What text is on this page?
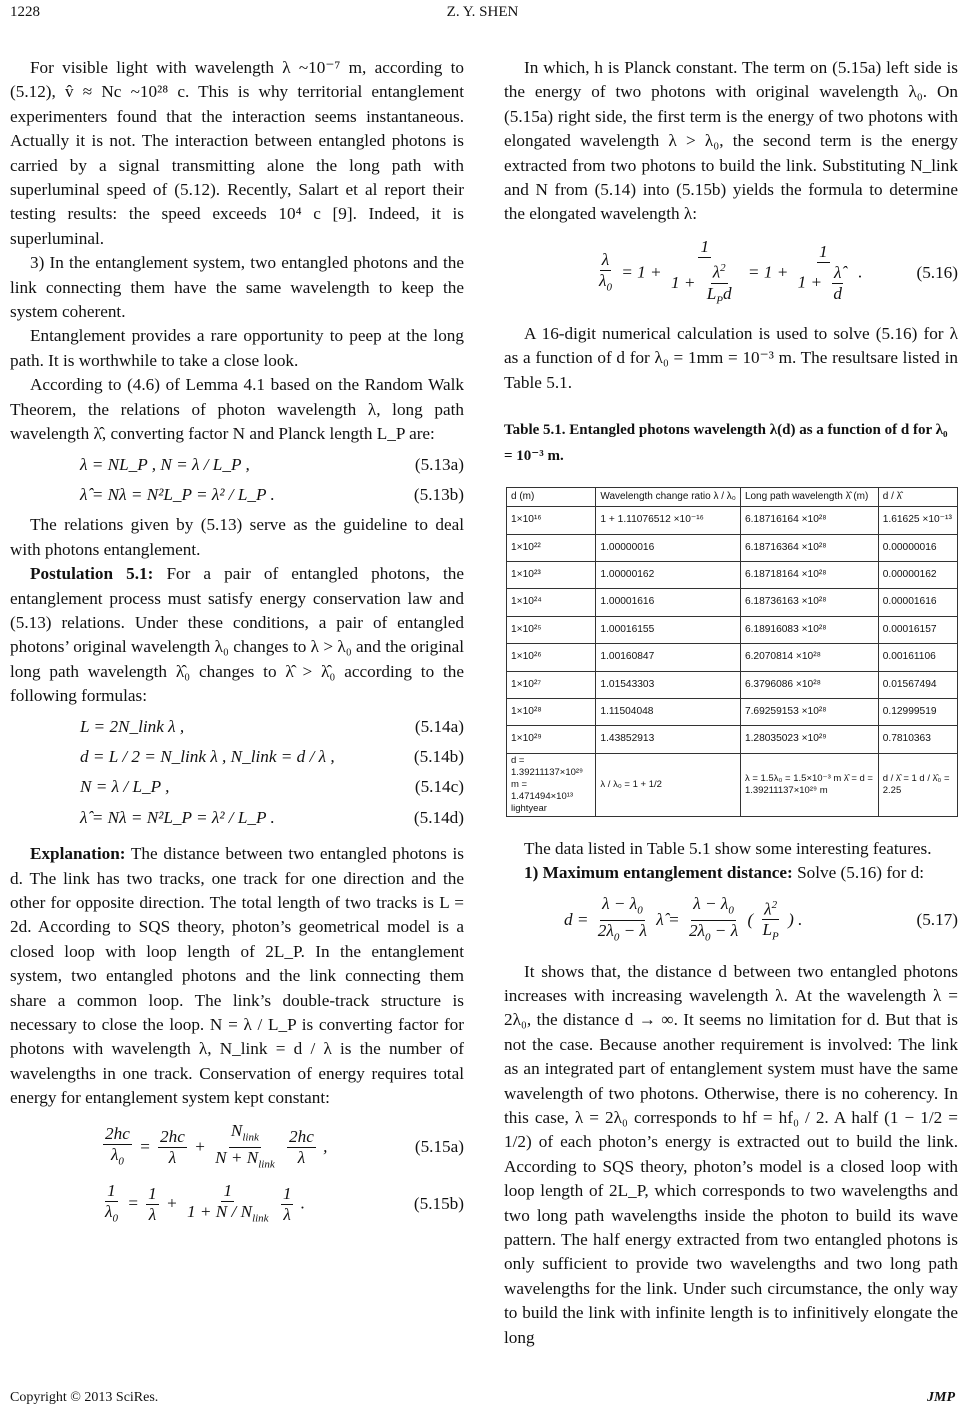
1228	Z. Y. SHEN

For visible light with wavelength λ ~10⁻⁷ m, according to (5.12), v̂ ≈ Nc ~10²⁸ c. This is why territorial entanglement experimenters found that the interaction seems instantaneous. Actually it is not. The interaction between entangled photons is carried by a signal transmitting alone the long path with superluminal speed of (5.12). Recently, Salart et al report their testing results: the speed exceeds 10⁴ c [9]. Indeed, it is superluminal.

3) In the entanglement system, two entangled photons and the link connecting them have the same wavelength to keep the system coherent.

Entanglement provides a rare opportunity to peep at the long path. It is worthwhile to take a close look.

According to (4.6) of Lemma 4.1 based on the Random Walk Theorem, the relations of photon wavelength λ, long path wavelength λ̂, converting factor N and Planck length L_P are:

λ = NL_P , N = λ / L_P ,	(5.13a)
λ̂ = Nλ = N²L_P = λ² / L_P .	(5.13b)

The relations given by (5.13) serve as the guideline to deal with photons entanglement.

Postulation 5.1: For a pair of entangled photons, the entanglement process must satisfy energy conservation law and (5.13) relations. Under these conditions, a pair of entangled photons’ original wavelength λ₀ changes to λ > λ₀ and the original long path wavelength λ̂₀ changes to λ̂ > λ̂₀ according to the following formulas:

L = 2N_link λ ,	(5.14a)
d = L / 2 = N_link λ , N_link = d / λ ,	(5.14b)
N = λ / L_P ,	(5.14c)
λ̂ = Nλ = N²L_P = λ² / L_P .	(5.14d)

Explanation: The distance between two entangled photons is d. The link has two tracks, one track for one direction and the other for opposite direction. The total length of two tracks is L = 2d. According to SQS theory, photon’s geometrical model is a closed loop with loop length of 2L_P. In the entanglement system, two entangled photons and the link connecting them share a common loop. The link’s double-track structure is necessary to close the loop. N = λ / L_P is converting factor for photons with wavelength λ, N_link = d / λ is the number of wavelengths in one track. Conservation of energy requires total energy for entanglement system kept constant:

$\frac{2hc}{\lambda_0} = \frac{2hc}{\lambda} + \frac{N_{link}}{N + N_{link}}$
$\frac{2hc}{\lambda}$ ,	(5.15a)
$\frac{1}{\lambda_0} = \frac{1}{\lambda} + \frac{1}{1 + N / N_{link}}$
$\frac{1}{\lambda}$ .	(5.15b)

In which, h is Planck constant. The term on (5.15a) left side is the energy of two photons with original wavelength λ₀. On (5.15a) right side, the first term is the energy of two photons with elongated wavelength λ > λ₀, the second term is the energy extracted from two photons to build the link. Substituting N_link and N from (5.14) into (5.15b) yields the formula to determine the elongated wavelength λ:

$\frac{\lambda}{\lambda_0} = 1 + \frac{1}{1 + \frac{\lambda^2}{L_Pd}} = 1 + \frac{1}{1 + \frac{\lambdâ}{d}}$ .	(5.16)

A 16-digit numerical calculation is used to solve (5.16) for λ as a function of d for λ₀ = 1mm = 10⁻³ m. The resultsare listed in Table 5.1.

Table 5.1. Entangled photons wavelength λ(d) as a function of d for λ₀ = 10⁻³ m.
d (m)	Wavelength change ratio λ / λ₀	Long path wavelength λ̂ (m)	d / λ̂
1×10¹⁶	1 + 1.11076512 ×10⁻¹⁶	6.18716164 ×10²⁸	1.61625 ×10⁻¹³
1×10²²	1.00000016	6.18716364 ×10²⁸	0.00000016
1×10²³	1.00000162	6.18718164 ×10²⁸	0.00000162
1×10²⁴	1.00001616	6.18736163 ×10²⁸	0.00001616
1×10²⁵	1.00016155	6.18916083 ×10²⁸	0.00016157
1×10²⁶	1.00160847	6.2070814 ×10²⁸	0.00161106
1×10²⁷	1.01543303	6.3796086 ×10²⁸	0.01567494
1×10²⁸	1.11504048	7.69259153 ×10²⁸	0.12999519
1×10²⁹	1.43852913	1.28035023 ×10²⁹	0.7810363
d = 1.39211137×10²⁹ m = 1.471494×10¹³ lightyear	λ / λ₀ = 1 + 1/2	λ = 1.5λ₀ = 1.5×10⁻³ m λ̂ = d = 1.39211137×10²⁹ m	d / λ̂ = 1 d / λ̂₀ = 2.25

The data listed in Table 5.1 show some interesting features.

1) Maximum entanglement distance: Solve (5.16) for d:

$d = \frac{\lambda - \lambda_0}{2\lambda_0 - \lambda}$ λ̂ = $\frac{\lambda - \lambda_0}{2\lambda_0 - \lambda}$ ( $\frac{\lambda^2}{L_P}$ ) .	(5.17)

It shows that, the distance d between two entangled photons increases with increasing wavelength λ. At the wavelength λ = 2λ₀, the distance d → ∞. It seems no limitation for d. But that is not the case. Because another requirement is involved: The link as an integrated part of entanglement system must have the same wavelength of two photons. Otherwise, there is no coherency. In this case, λ = 2λ₀ corresponds to hf = hf₀ / 2. A half (1 − 1/2 = 1/2) of each photon’s energy is extracted out to build the link. According to SQS theory, photon’s model is a closed loop with loop length of 2L_P, which corresponds to two wavelengths and two long path wavelengths inside the photon to build its wave pattern. The half energy extracted from two entangled photons is only sufficient to provide two wavelengths and two long path wavelengths for the link. Under such circumstance, the only way to build the link with infinite length is to infinitively elongate the long

Copyright © 2013 SciRes.	JMP
